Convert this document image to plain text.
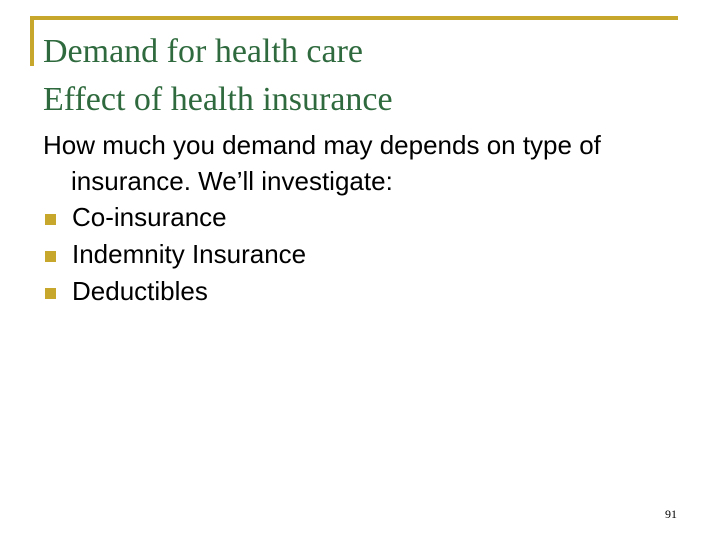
Demand for health care
Effect of health insurance

How much you demand may depends on type of insurance. We’ll investigate:

Co-insurance
Indemnity Insurance
Deductibles
91
